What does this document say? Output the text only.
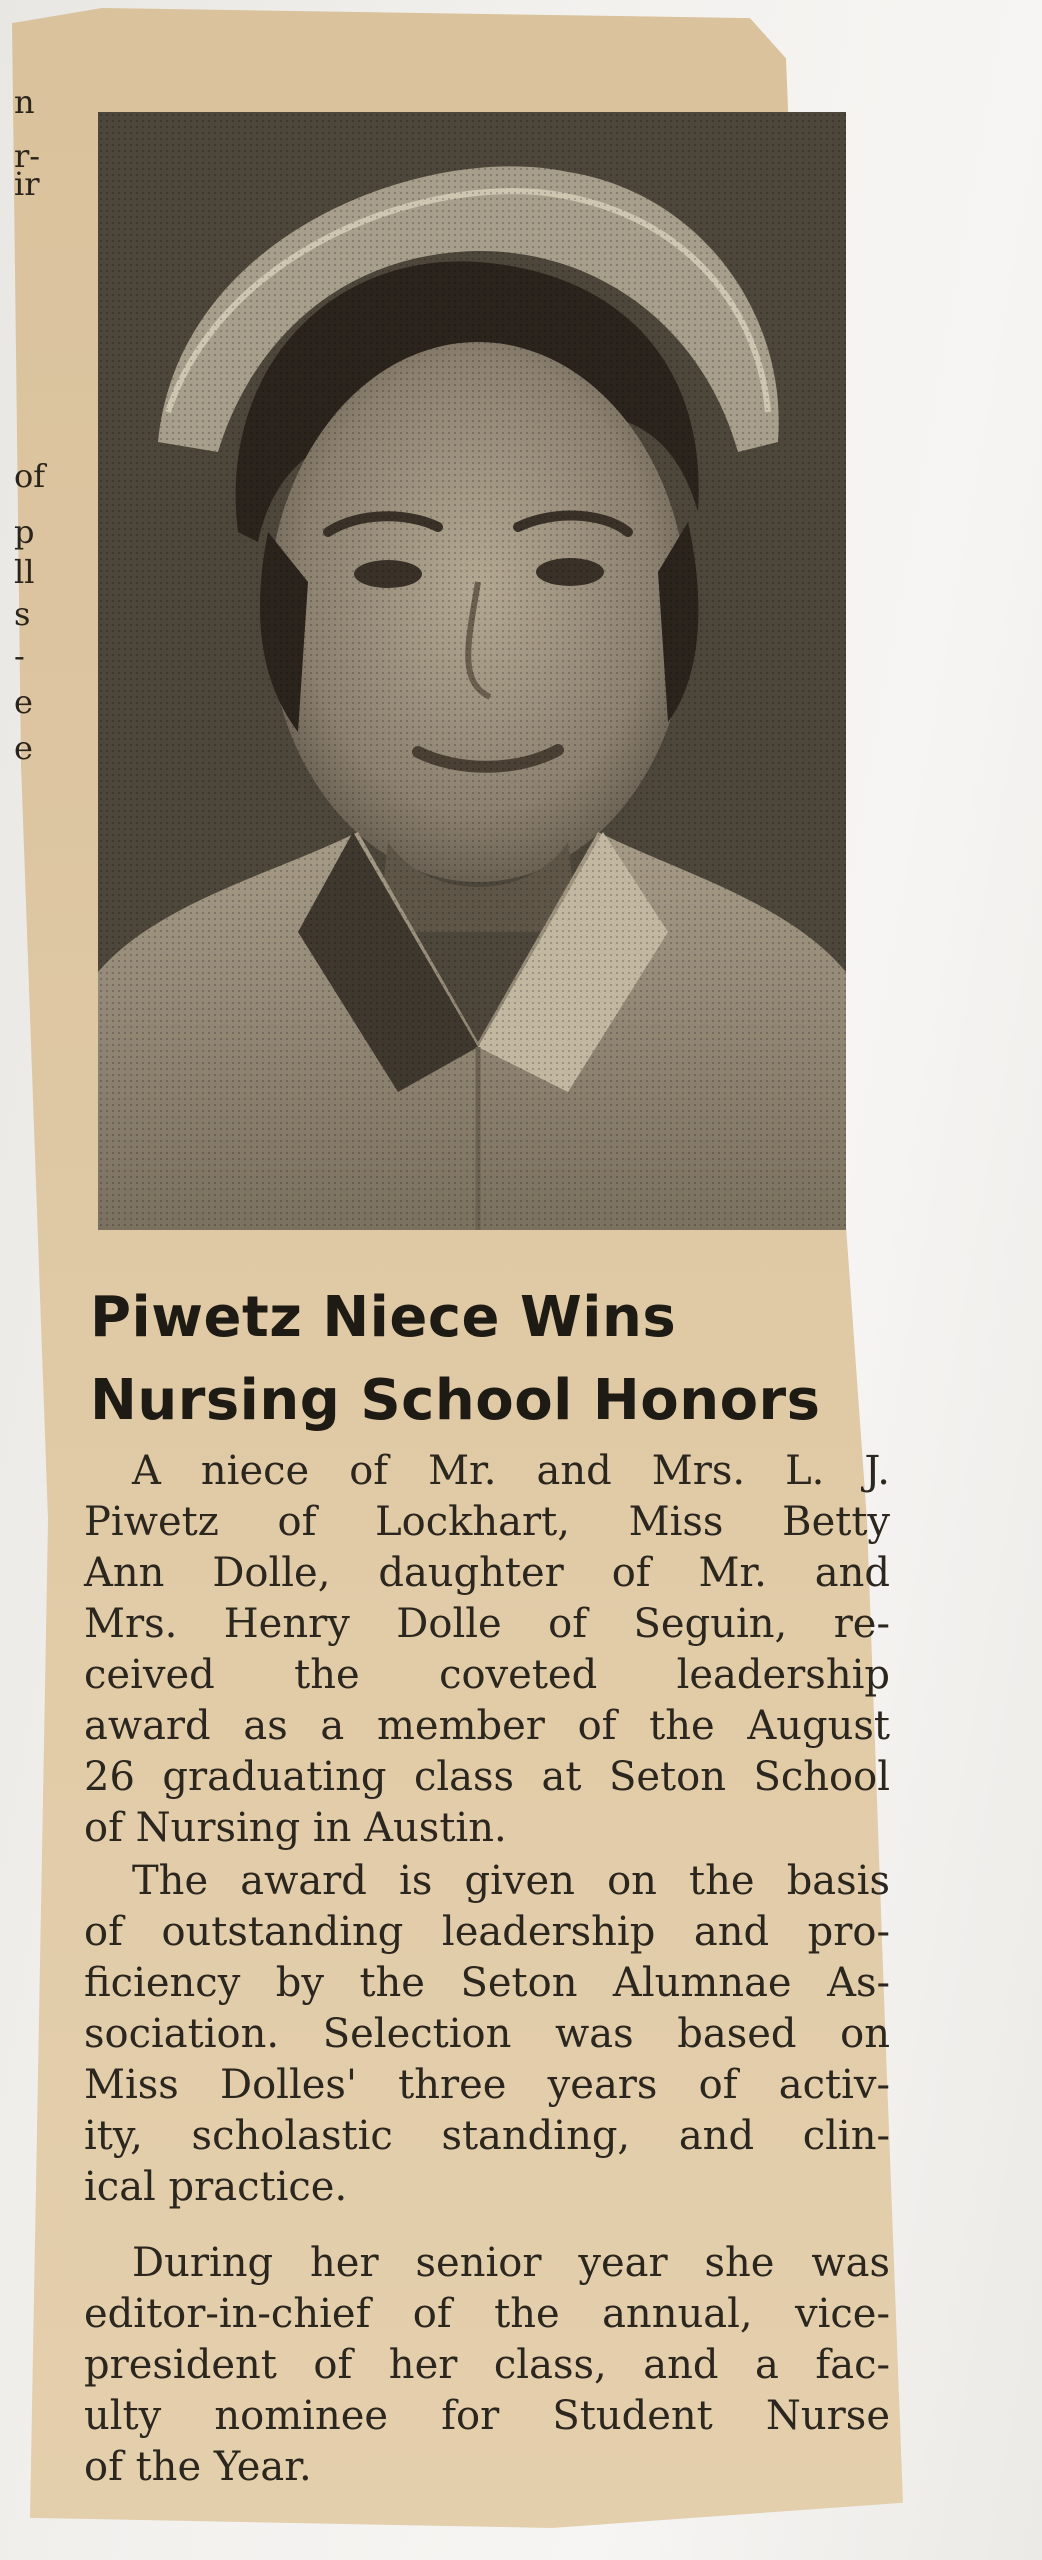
n
r-
ir
of
p
ll
s
-
e
e
Piwetz Niece Wins
Nursing School Honors
A niece of Mr. and Mrs. L. J.
Piwetz of Lockhart, Miss Betty
Ann Dolle, daughter of Mr. and
Mrs. Henry Dolle of Seguin, re-
ceived the coveted leadership
award as a member of the August
26 graduating class at Seton School
of Nursing in Austin.
The award is given on the basis
of outstanding leadership and pro-
ficiency by the Seton Alumnae As-
sociation. Selection was based on
Miss Dolles' three years of activ-
ity, scholastic standing, and clin-
ical practice.
During her senior year she was
editor-in-chief of the annual, vice-
president of her class, and a fac-
ulty nominee for Student Nurse
of the Year.
